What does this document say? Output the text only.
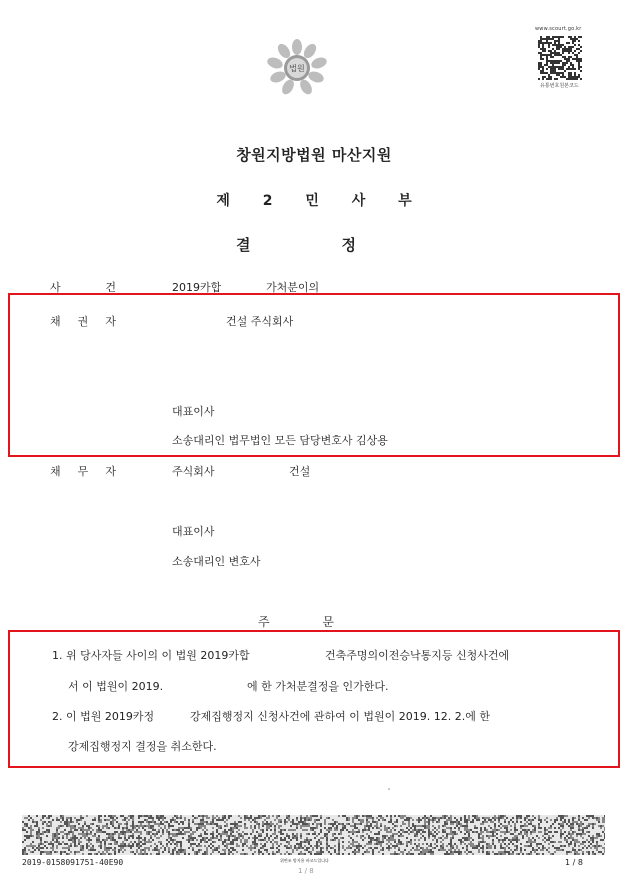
법원
www.scourt.go.kr
유통번호원본코드
창원지방법원 마산지원
제 2 민 사 부
결	정
사	건	2019카합	가처분이의
채 권 자	건설 주식회사
대표이사
소송대리인 법무법인 모든 담당변호사 김상용
채 무 자	주식회사	건설
대표이사
소송대리인 변호사
주	문
1. 위 당사자들 사이의 이 법원 2019카합	건축주명의이전승낙통지등 신청사건에
서 이 법원이 2019.	에 한 가처분결정을 인가한다.
2. 이 법원 2019카정	강제집행정지 신청사건에 관하여 이 법원이 2019. 12. 2.에 한
강제집행정지 결정을 취소한다.
2019-0158091751-40E90	위변조 방지용 바코드입니다	1 / 8
1 / 8
